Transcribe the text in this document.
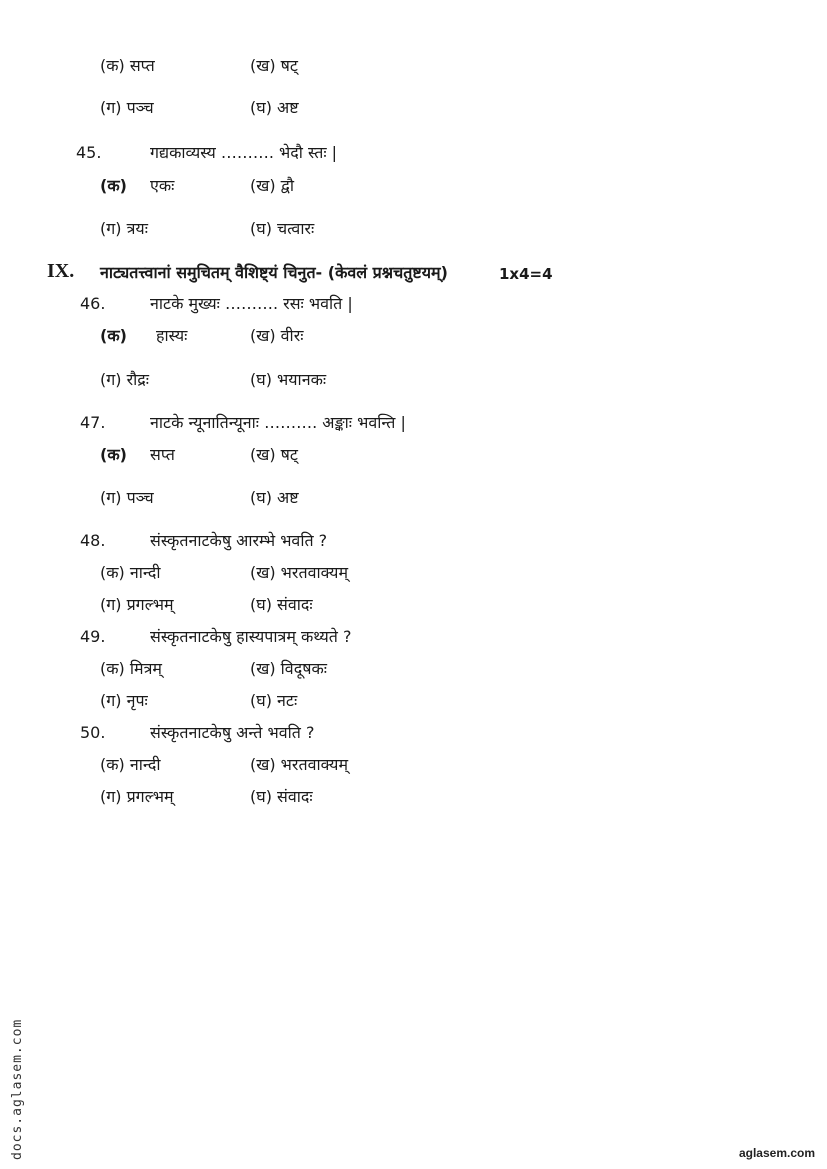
(क) सप्त	(ख) षट्
(ग) पञ्च	(घ) अष्ट
45.	गद्यकाव्यस्य ………. भेदौ स्तः |
(क) एकः	(ख) द्वौ
(ग) त्रयः	(घ) चत्वारः
IX. नाट्यतत्त्वानां समुचितम् वैशिष्ट्यं चिनुत- (केवलं प्रश्नचतुष्टयम्)	1x4=4
46.	नाटके मुख्यः ………. रसः भवति |
(क) हास्यः	(ख) वीरः
(ग) रौद्रः	(घ) भयानकः
47.	नाटके न्यूनातिन्यूनाः ………. अङ्काः भवन्ति |
(क) सप्त	(ख) षट्
(ग) पञ्च	(घ) अष्ट
48.	संस्कृतनाटकेषु आरम्भे भवति ?
(क) नान्दी	(ख) भरतवाक्यम्
(ग) प्रगल्भम्	(घ) संवादः
49.	संस्कृतनाटकेषु हास्यपात्रम् कथ्यते ?
(क) मित्रम्	(ख) विदूषकः
(ग) नृपः	(घ) नटः
50.	संस्कृतनाटकेषु अन्ते भवति ?
(क) नान्दी	(ख) भरतवाक्यम्
(ग) प्रगल्भम्	(घ) संवादः
docs.aglasem.com	aglasem.com
